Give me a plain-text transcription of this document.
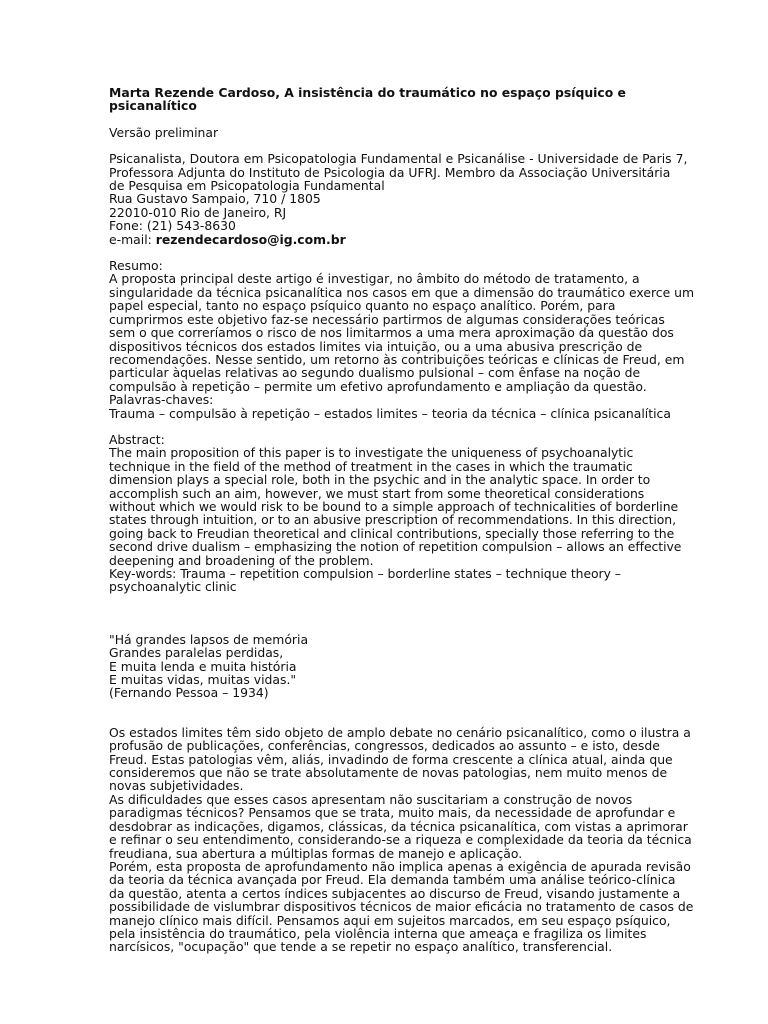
Marta Rezende Cardoso, A insistência do traumático no espaço psíquico e
psicanalítico
Versão preliminar
Psicanalista, Doutora em Psicopatologia Fundamental e Psicanálise - Universidade de Paris 7,
Professora Adjunta do Instituto de Psicologia da UFRJ. Membro da Associação Universitária
de Pesquisa em Psicopatologia Fundamental
Rua Gustavo Sampaio, 710 / 1805
22010-010 Rio de Janeiro, RJ
Fone: (21) 543-8630
e-mail: rezendecardoso@ig.com.br
Resumo:
A proposta principal deste artigo é investigar, no âmbito do método de tratamento, a
singularidade da técnica psicanalítica nos casos em que a dimensão do traumático exerce um
papel especial, tanto no espaço psíquico quanto no espaço analítico. Porém, para
cumprirmos este objetivo faz-se necessário partirmos de algumas considerações teóricas
sem o que correríamos o risco de nos limitarmos a uma mera aproximação da questão dos
dispositivos técnicos dos estados limites via intuição, ou a uma abusiva prescrição de
recomendações. Nesse sentido, um retorno às contribuições teóricas e clínicas de Freud, em
particular àquelas relativas ao segundo dualismo pulsional – com ênfase na noção de
compulsão à repetição – permite um efetivo aprofundamento e ampliação da questão.
Palavras-chaves:
Trauma – compulsão à repetição – estados limites – teoria da técnica – clínica psicanalítica
Abstract:
The main proposition of this paper is to investigate the uniqueness of psychoanalytic
technique in the field of the method of treatment in the cases in which the traumatic
dimension plays a special role, both in the psychic and in the analytic space. In order to
accomplish such an aim, however, we must start from some theoretical considerations
without which we would risk to be bound to a simple approach of technicalities of borderline
states through intuition, or to an abusive prescription of recommendations. In this direction,
going back to Freudian theoretical and clinical contributions, specially those referring to the
second drive dualism – emphasizing the notion of repetition compulsion – allows an effective
deepening and broadening of the problem.
Key-words: Trauma – repetition compulsion – borderline states – technique theory –
psychoanalytic clinic
"Há grandes lapsos de memória
Grandes paralelas perdidas,
E muita lenda e muita história
E muitas vidas, muitas vidas."
(Fernando Pessoa – 1934)
Os estados limites têm sido objeto de amplo debate no cenário psicanalítico, como o ilustra a
profusão de publicações, conferências, congressos, dedicados ao assunto – e isto, desde
Freud. Estas patologias vêm, aliás, invadindo de forma crescente a clínica atual, ainda que
consideremos que não se trate absolutamente de novas patologias, nem muito menos de
novas subjetividades.
As dificuldades que esses casos apresentam não suscitariam a construção de novos
paradigmas técnicos? Pensamos que se trata, muito mais, da necessidade de aprofundar e
desdobrar as indicações, digamos, clássicas, da técnica psicanalítica, com vistas a aprimorar
e refinar o seu entendimento, considerando-se a riqueza e complexidade da teoria da técnica
freudiana, sua abertura a múltiplas formas de manejo e aplicação.
Porém, esta proposta de aprofundamento não implica apenas a exigência de apurada revisão
da teoria da técnica avançada por Freud. Ela demanda também uma análise teórico-clínica
da questão, atenta a certos índices subjacentes ao discurso de Freud, visando justamente a
possibilidade de vislumbrar dispositivos técnicos de maior eficácia no tratamento de casos de
manejo clínico mais difícil. Pensamos aqui em sujeitos marcados, em seu espaço psíquico,
pela insistência do traumático, pela violência interna que ameaça e fragiliza os limites
narcísicos, "ocupação" que tende a se repetir no espaço analítico, transferencial.
